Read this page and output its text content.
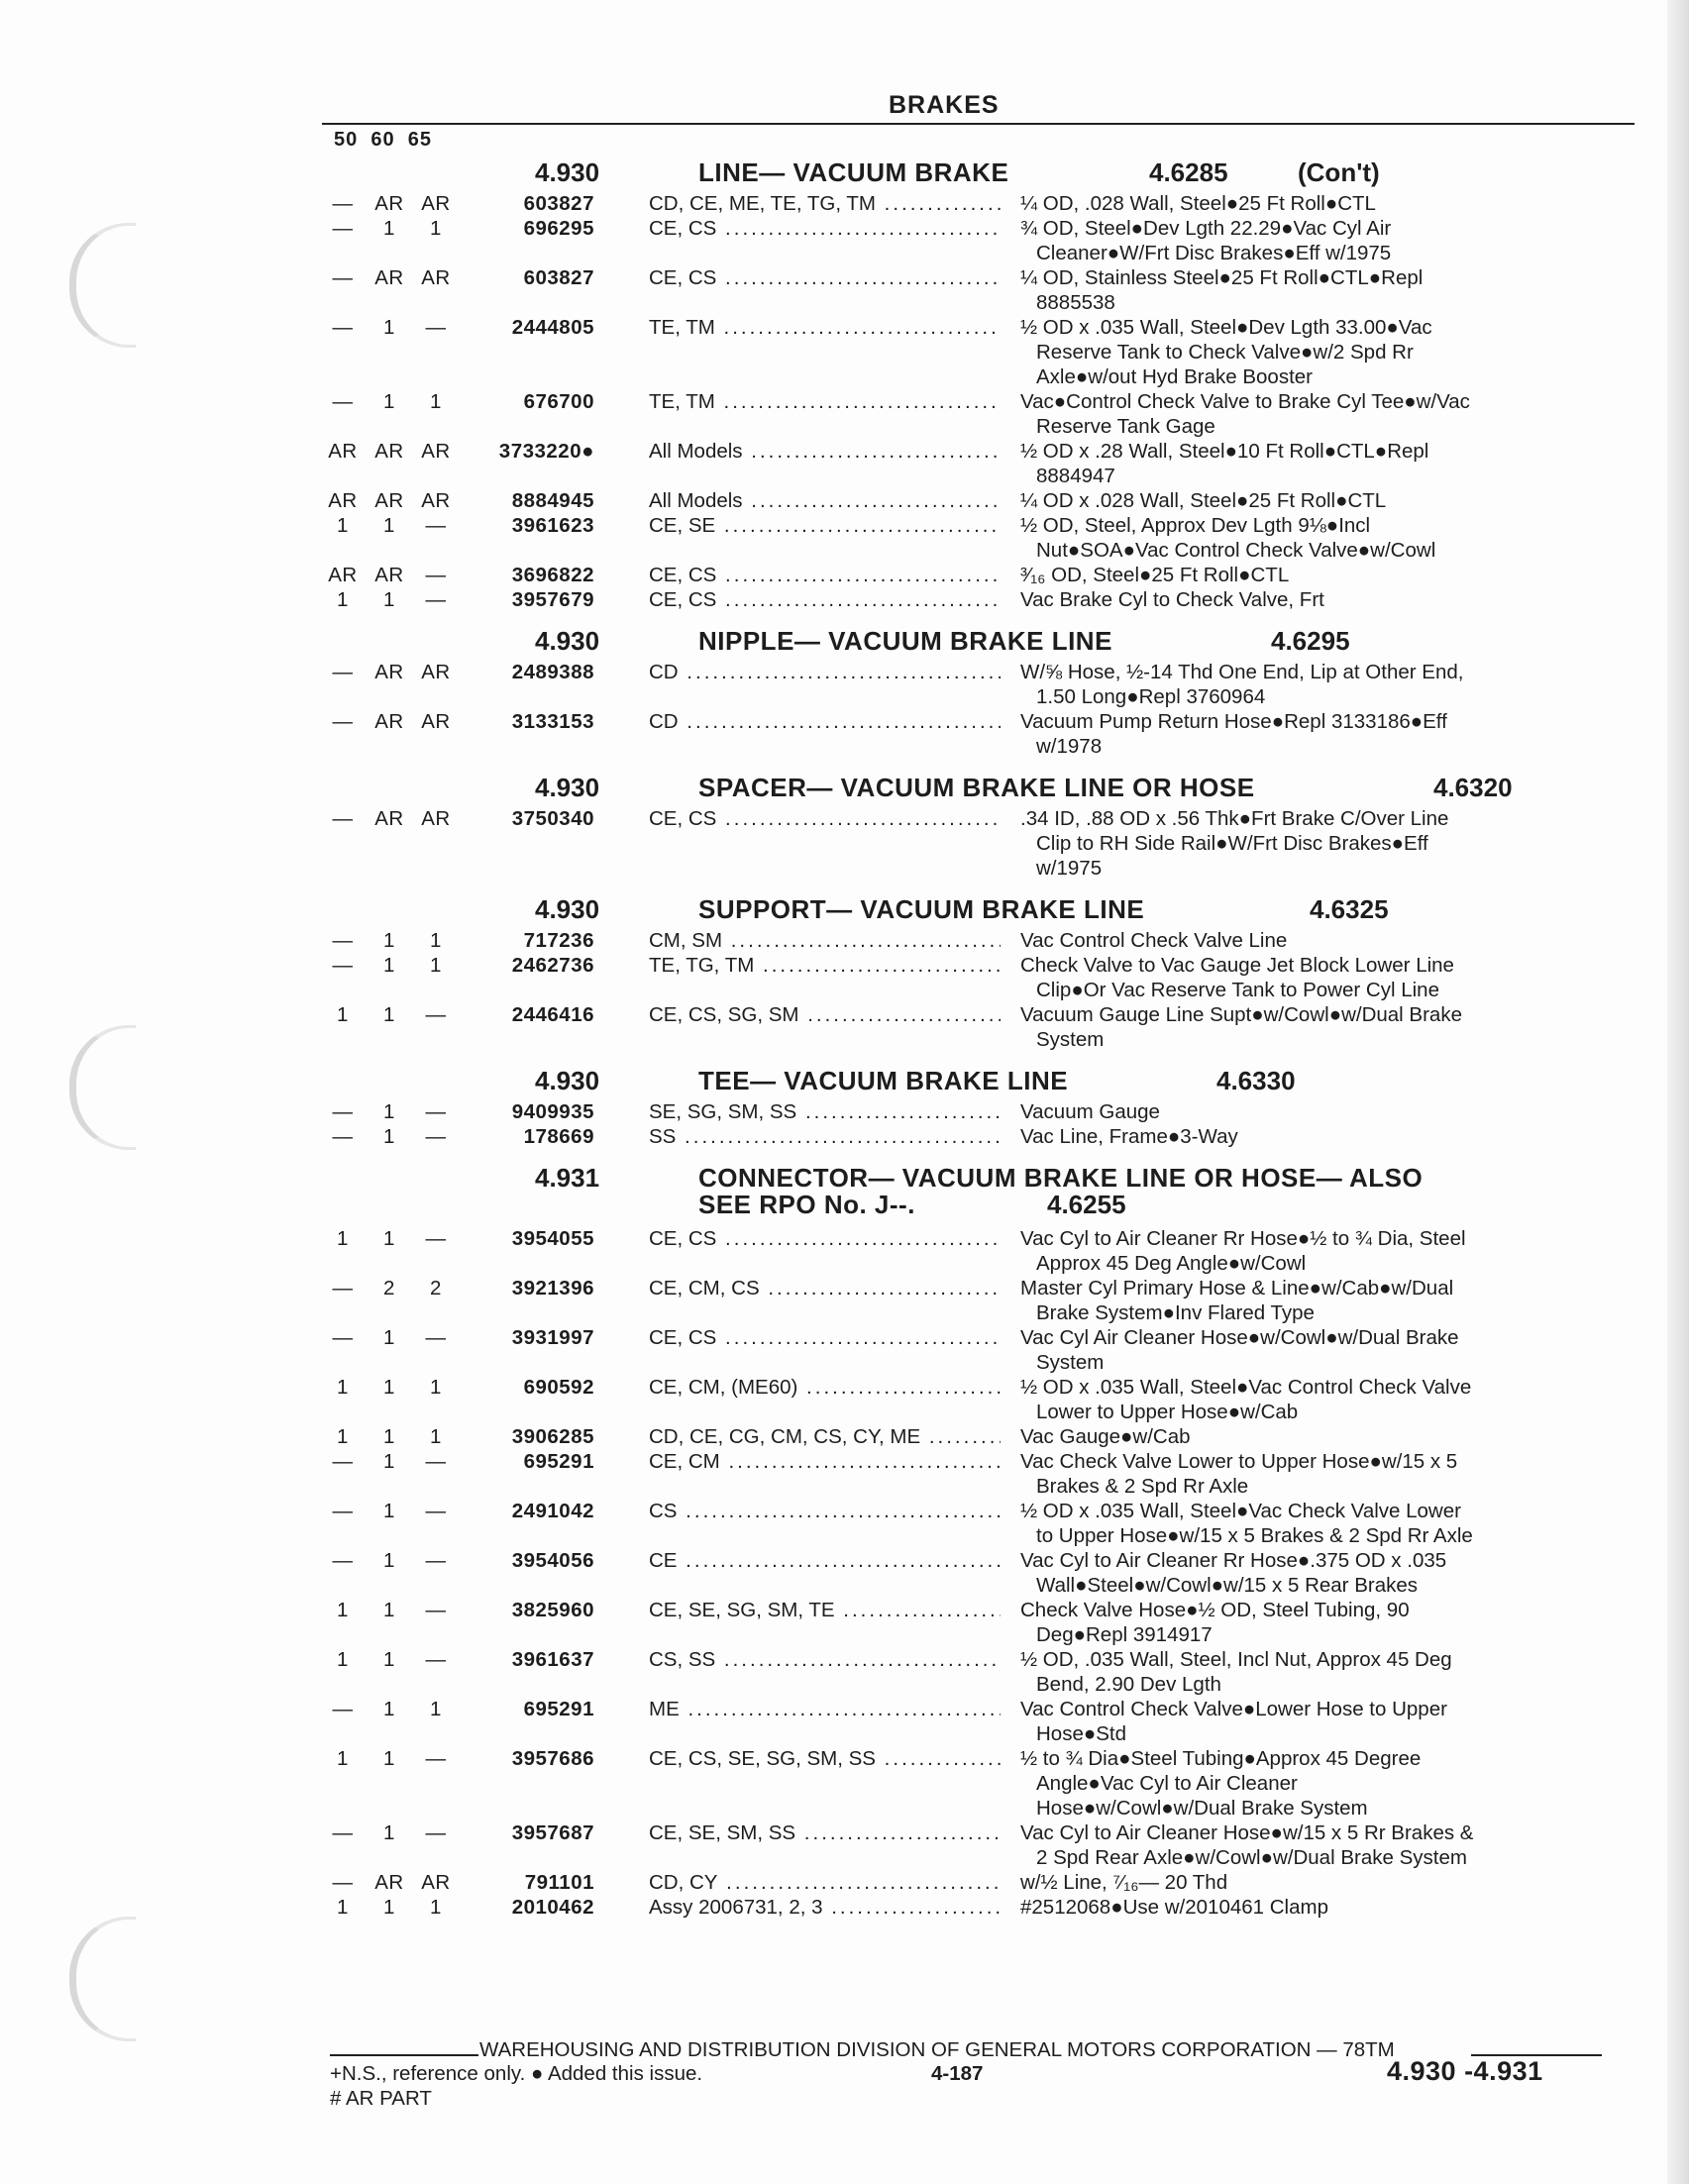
BRAKES
50 60 65
4.930	LINE— VACUUM BRAKE	4.6285	(Con't)
—	AR AR	603827	CD, CE, ME, TE, TG, TM .....	¼ OD, .028 Wall, Steel●25 Ft Roll●CTL
—	1	1	696295	CE, CS .....	¾ OD, Steel●Dev Lgth 22.29●Vac Cyl Air
Cleaner●W/Frt Disc Brakes●Eff w/1975
—	AR AR	603827	CE, CS .....	¼ OD, Stainless Steel●25 Ft Roll●CTL●Repl
8885538
—	1	—	2444805	TE, TM .....	½ OD x .035 Wall, Steel●Dev Lgth 33.00●Vac
Reserve Tank to Check Valve●w/2 Spd Rr
Axle●w/out Hyd Brake Booster
—	1	1	676700	TE, TM .....	Vac●Control Check Valve to Brake Cyl Tee●w/Vac
Reserve Tank Gage
AR AR AR	3733220●	All Models .....	½ OD x .28 Wall, Steel●10 Ft Roll●CTL●Repl
8884947
AR AR AR	8884945	All Models .....	¼ OD x .028 Wall, Steel●25 Ft Roll●CTL
1	1	—	3961623	CE, SE .....	½ OD, Steel, Approx Dev Lgth 9⅛●Incl
Nut●SOA●Vac Control Check Valve●w/Cowl
AR AR	—	3696822	CE, CS .....	³⁄₁₆ OD, Steel●25 Ft Roll●CTL
1	1	—	3957679	CE, CS .....	Vac Brake Cyl to Check Valve, Frt
4.930	NIPPLE— VACUUM BRAKE LINE	4.6295
—	AR AR	2489388	CD .....	W/⅝ Hose, ½-14 Thd One End, Lip at Other End,
1.50 Long●Repl 3760964
—	AR AR	3133153	CD .....	Vacuum Pump Return Hose●Repl 3133186●Eff
w/1978
4.930	SPACER— VACUUM BRAKE LINE OR HOSE	4.6320
—	AR AR	3750340	CE, CS .....	.34 ID, .88 OD x .56 Thk●Frt Brake C/Over Line
Clip to RH Side Rail●W/Frt Disc Brakes●Eff
w/1975
4.930	SUPPORT— VACUUM BRAKE LINE	4.6325
—	1	1	717236	CM, SM .....	Vac Control Check Valve Line
—	1	1	2462736	TE, TG, TM .....	Check Valve to Vac Gauge Jet Block Lower Line
Clip●Or Vac Reserve Tank to Power Cyl Line
1	1	—	2446416	CE, CS, SG, SM .....	Vacuum Gauge Line Supt●w/Cowl●w/Dual Brake
System
4.930	TEE— VACUUM BRAKE LINE	4.6330
—	1	—	9409935	SE, SG, SM, SS .....	Vacuum Gauge
—	1	—	178669	SS .....	Vac Line, Frame●3-Way
4.931	CONNECTOR— VACUUM BRAKE LINE OR HOSE— ALSO
SEE RPO No. J--.	4.6255
1	1	—	3954055	CE, CS .....	Vac Cyl to Air Cleaner Rr Hose●½ to ¾ Dia, Steel
Approx 45 Deg Angle●w/Cowl
—	2	2	3921396	CE, CM, CS .....	Master Cyl Primary Hose & Line●w/Cab●w/Dual
Brake System●Inv Flared Type
—	1	—	3931997	CE, CS .....	Vac Cyl Air Cleaner Hose●w/Cowl●w/Dual Brake
System
1	1	1	690592	CE, CM, (ME60) .....	½ OD x .035 Wall, Steel●Vac Control Check Valve
Lower to Upper Hose●w/Cab
1	1	1	3906285	CD, CE, CG, CM, CS, CY, ME .....	Vac Gauge●w/Cab
—	1	—	695291	CE, CM .....	Vac Check Valve Lower to Upper Hose●w/15 x 5
Brakes & 2 Spd Rr Axle
—	1	—	2491042	CS .....	½ OD x .035 Wall, Steel●Vac Check Valve Lower
to Upper Hose●w/15 x 5 Brakes & 2 Spd Rr Axle
—	1	—	3954056	CE .....	Vac Cyl to Air Cleaner Rr Hose●.375 OD x .035
Wall●Steel●w/Cowl●w/15 x 5 Rear Brakes
1	1	—	3825960	CE, SE, SG, SM, TE .....	Check Valve Hose●½ OD, Steel Tubing, 90
Deg●Repl 3914917
1	1	—	3961637	CS, SS .....	½ OD, .035 Wall, Steel, Incl Nut, Approx 45 Deg
Bend, 2.90 Dev Lgth
—	1	1	695291	ME .....	Vac Control Check Valve●Lower Hose to Upper
Hose●Std
1	1	—	3957686	CE, CS, SE, SG, SM, SS .....	½ to ¾ Dia●Steel Tubing●Approx 45 Degree
Angle●Vac Cyl to Air Cleaner
Hose●w/Cowl●w/Dual Brake System
—	1	—	3957687	CE, SE, SM, SS .....	Vac Cyl to Air Cleaner Hose●w/15 x 5 Rr Brakes &
2 Spd Rear Axle●w/Cowl●w/Dual Brake System
—	AR AR	791101	CD, CY .....	w/½ Line, ⁷⁄₁₆— 20 Thd
1	1	1	2010462	Assy 2006731, 2, 3 .....	#2512068●Use w/2010461 Clamp
WAREHOUSING AND DISTRIBUTION DIVISION OF GENERAL MOTORS CORPORATION — 78TM
+N.S., reference only. ● Added this issue.
# AR PART
4-187	4.930 -4.931
